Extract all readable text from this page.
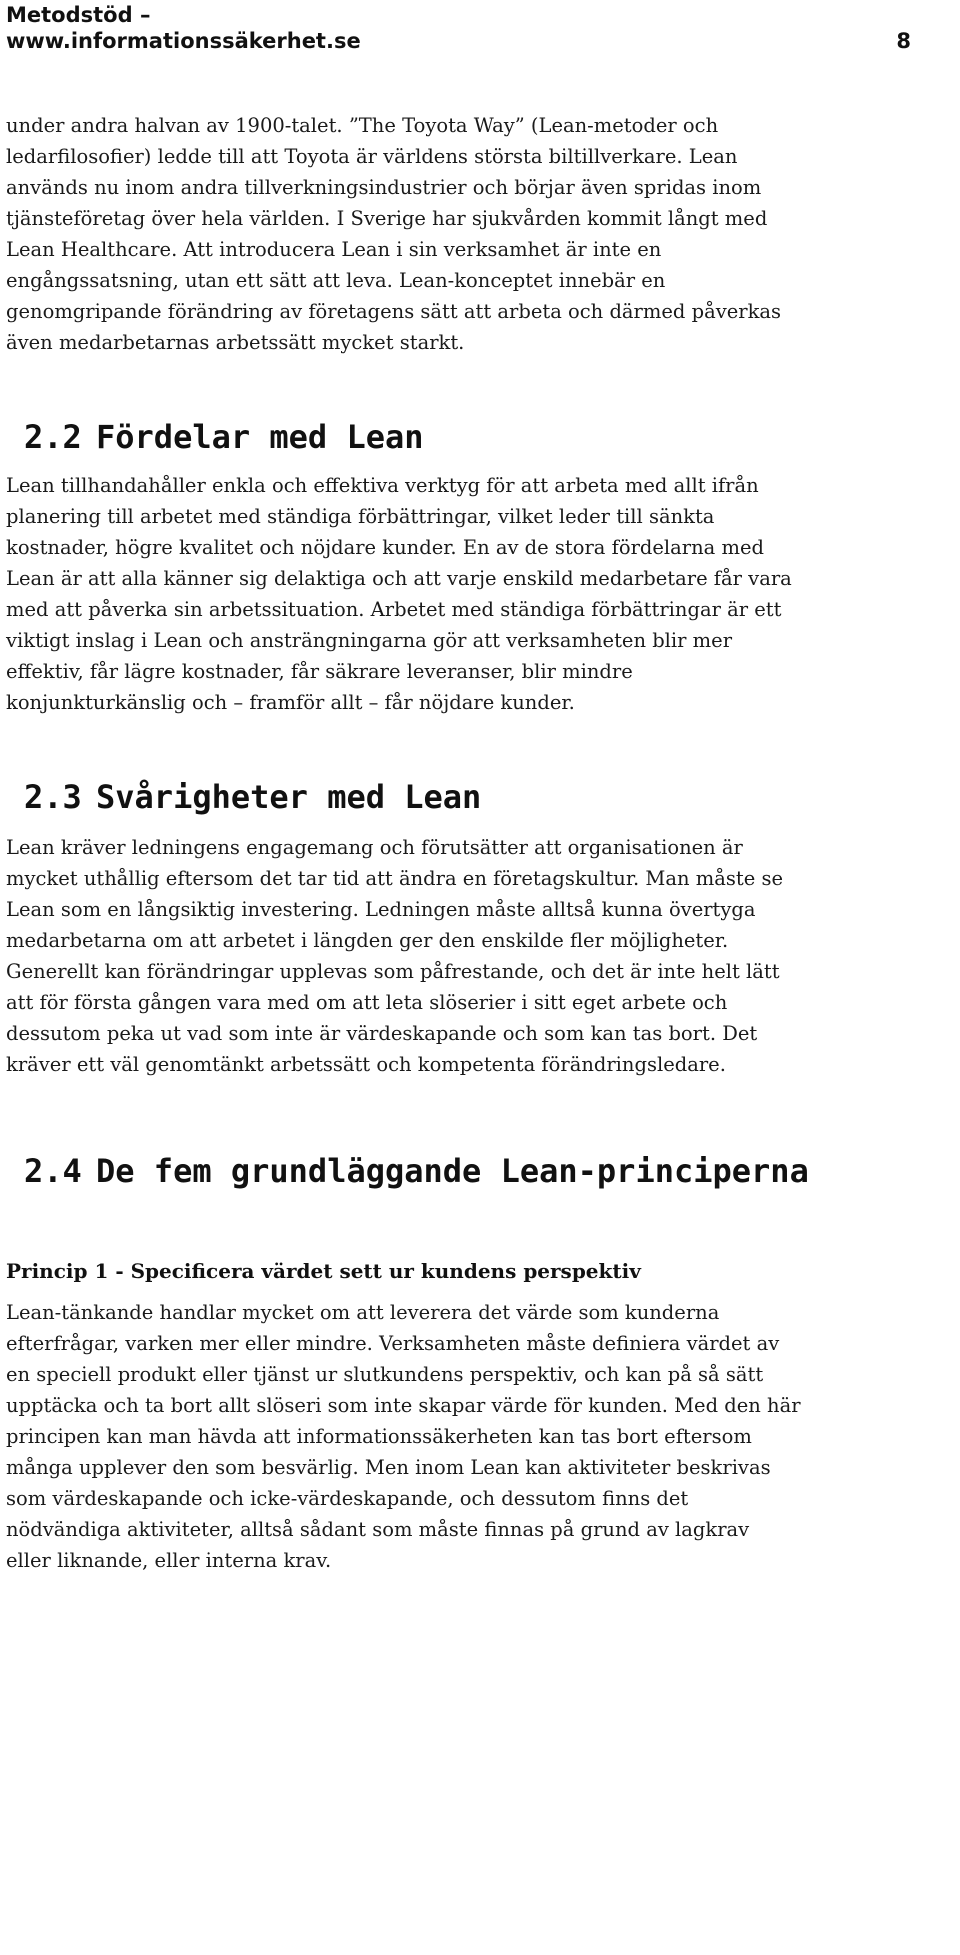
Metodstöd –
www.informationssäkerhet.se	8
under andra halvan av 1900-talet. ”The Toyota Way” (Lean-metoder och
ledarfilosofier) ledde till att Toyota är världens största biltillverkare. Lean
används nu inom andra tillverkningsindustrier och börjar även spridas inom
tjänsteföretag över hela världen. I Sverige har sjukvården kommit långt med
Lean Healthcare. Att introducera Lean i sin verksamhet är inte en
engångssatsning, utan ett sätt att leva. Lean-konceptet innebär en
genomgripande förändring av företagens sätt att arbeta och därmed påverkas
även medarbetarnas arbetssätt mycket starkt.
2.2 Fördelar med Lean
Lean tillhandahåller enkla och effektiva verktyg för att arbeta med allt ifrån
planering till arbetet med ständiga förbättringar, vilket leder till sänkta
kostnader, högre kvalitet och nöjdare kunder. En av de stora fördelarna med
Lean är att alla känner sig delaktiga och att varje enskild medarbetare får vara
med att påverka sin arbetssituation. Arbetet med ständiga förbättringar är ett
viktigt inslag i Lean och ansträngningarna gör att verksamheten blir mer
effektiv, får lägre kostnader, får säkrare leveranser, blir mindre
konjunkturkänslig och – framför allt – får nöjdare kunder.
2.3 Svårigheter med Lean
Lean kräver ledningens engagemang och förutsätter att organisationen är
mycket uthållig eftersom det tar tid att ändra en företagskultur. Man måste se
Lean som en långsiktig investering. Ledningen måste alltså kunna övertyga
medarbetarna om att arbetet i längden ger den enskilde fler möjligheter.
Generellt kan förändringar upplevas som påfrestande, och det är inte helt lätt
att för första gången vara med om att leta slöserier i sitt eget arbete och
dessutom peka ut vad som inte är värdeskapande och som kan tas bort. Det
kräver ett väl genomtänkt arbetssätt och kompetenta förändringsledare.
2.4 De fem grundläggande Lean-principerna
Princip 1 - Specificera värdet sett ur kundens perspektiv
Lean-tänkande handlar mycket om att leverera det värde som kunderna
efterfrågar, varken mer eller mindre. Verksamheten måste definiera värdet av
en speciell produkt eller tjänst ur slutkundens perspektiv, och kan på så sätt
upptäcka och ta bort allt slöseri som inte skapar värde för kunden. Med den här
principen kan man hävda att informationssäkerheten kan tas bort eftersom
många upplever den som besvärlig. Men inom Lean kan aktiviteter beskrivas
som värdeskapande och icke-värdeskapande, och dessutom finns det
nödvändiga aktiviteter, alltså sådant som måste finnas på grund av lagkrav
eller liknande, eller interna krav.
